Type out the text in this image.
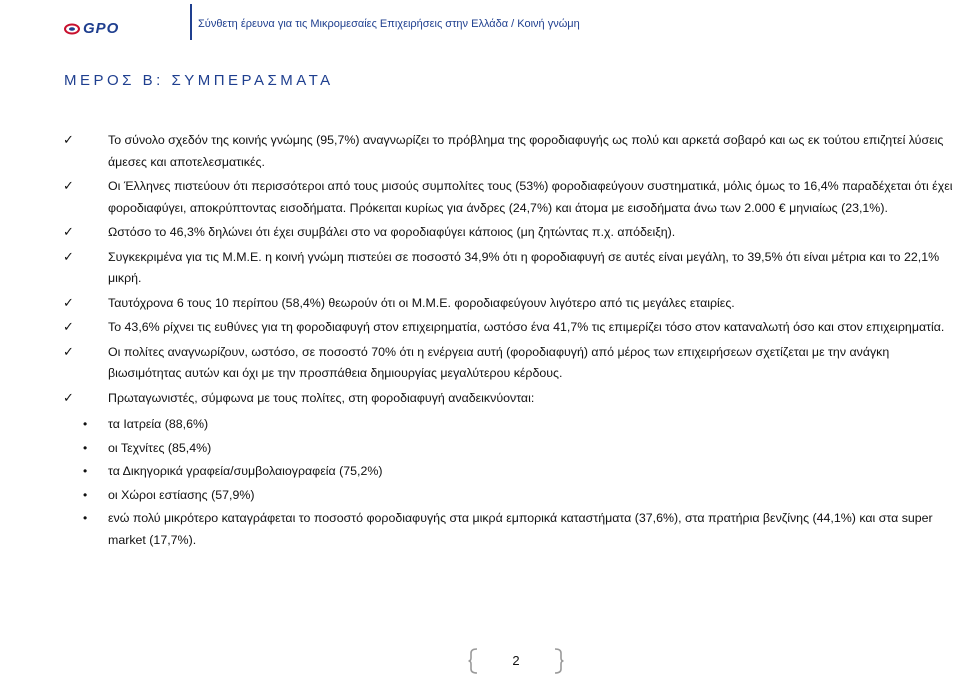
GPO	Σύνθετη έρευνα για τις Μικρομεσαίες Επιχειρήσεις στην Ελλάδα / Κοινή γνώμη
ΜΕΡΟΣ Β: ΣΥΜΠΕΡΑΣΜΑΤΑ
✓	Το σύνολο σχεδόν της κοινής γνώμης (95,7%) αναγνωρίζει το πρόβλημα της φοροδιαφυγής ως πολύ και αρκετά σοβαρό και ως εκ τούτου επιζητεί λύσεις άμεσες και αποτελεσματικές.
✓	Οι Έλληνες πιστεύουν ότι περισσότεροι από τους μισούς συμπολίτες τους (53%) φοροδιαφεύγουν συστηματικά, μόλις όμως το 16,4% παραδέχεται ότι έχει φοροδιαφύγει, αποκρύπτοντας εισοδήματα. Πρόκειται κυρίως για άνδρες (24,7%) και άτομα με εισοδήματα άνω των 2.000 € μηνιαίως (23,1%).
✓	Ωστόσο το 46,3% δηλώνει ότι έχει συμβάλει στο να φοροδιαφύγει κάποιος (μη ζητώντας π.χ. απόδειξη).
✓	Συγκεκριμένα για τις Μ.Μ.Ε. η κοινή γνώμη πιστεύει σε ποσοστό 34,9% ότι η φοροδιαφυγή σε αυτές είναι μεγάλη, το 39,5% ότι είναι μέτρια και το 22,1% μικρή.
✓	Ταυτόχρονα 6 τους 10 περίπου (58,4%) θεωρούν ότι οι Μ.Μ.Ε. φοροδιαφεύγουν λιγότερο από τις μεγάλες εταιρίες.
✓	Το 43,6% ρίχνει τις ευθύνες για τη φοροδιαφυγή στον επιχειρηματία, ωστόσο ένα 41,7% τις επιμερίζει τόσο στον καταναλωτή όσο και στον επιχειρηματία.
✓	Οι πολίτες αναγνωρίζουν, ωστόσο, σε ποσοστό 70% ότι η ενέργεια αυτή (φοροδιαφυγή) από μέρος των επιχειρήσεων σχετίζεται με την ανάγκη βιωσιμότητας αυτών και όχι με την προσπάθεια δημιουργίας μεγαλύτερου κέρδους.
✓	Πρωταγωνιστές, σύμφωνα με τους πολίτες, στη φοροδιαφυγή αναδεικνύονται:
• τα Ιατρεία (88,6%)
• οι Τεχνίτες (85,4%)
• τα Δικηγορικά γραφεία/συμβολαιογραφεία (75,2%)
• οι Χώροι εστίασης (57,9%)
• ενώ πολύ μικρότερο καταγράφεται το ποσοστό φοροδιαφυγής στα μικρά εμπορικά καταστήματα (37,6%), στα πρατήρια βενζίνης (44,1%) και στα super market (17,7%).
2
